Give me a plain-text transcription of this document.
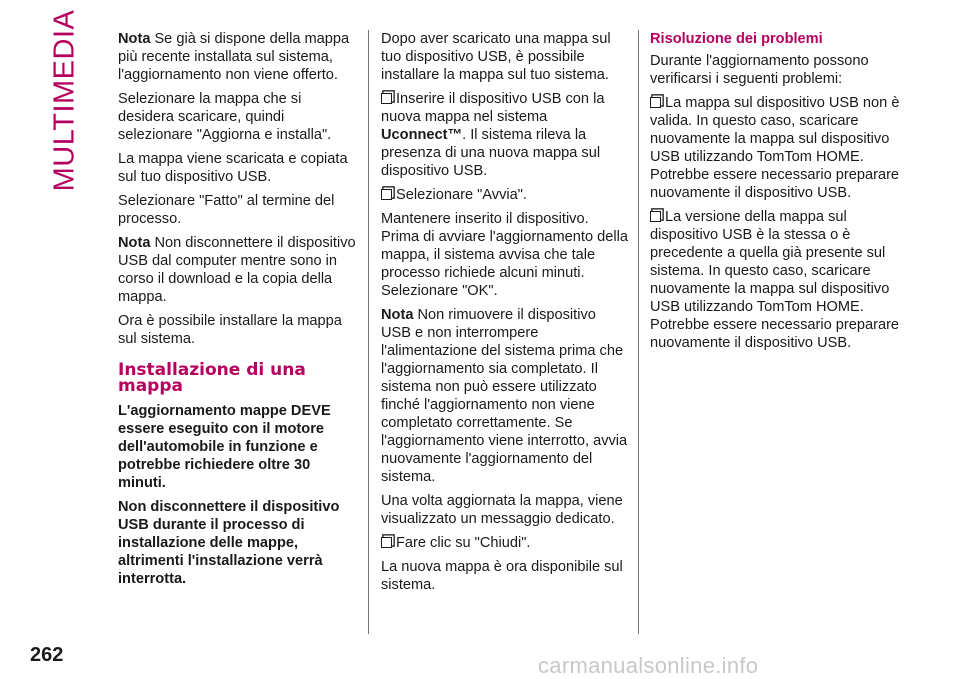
MULTIMEDIA	Nota Se già si dispone della mappa più recente installata sul sistema, l'aggiornamento non viene offerto.

Selezionare la mappa che si desidera scaricare, quindi selezionare "Aggiorna e installa".

La mappa viene scaricata e copiata sul tuo dispositivo USB.

Selezionare "Fatto" al termine del processo.

Nota Non disconnettere il dispositivo USB dal computer mentre sono in corso il download e la copia della mappa.

Ora è possibile installare la mappa sul sistema.

Installazione di una mappa

L'aggiornamento mappe DEVE essere eseguito con il motore dell'automobile in funzione e potrebbe richiedere oltre 30 minuti.

Non disconnettere il dispositivo USB durante il processo di installazione delle mappe, altrimenti l'installazione verrà interrotta.

Dopo aver scaricato una mappa sul tuo dispositivo USB, è possibile installare la mappa sul tuo sistema.

Inserire il dispositivo USB con la nuova mappa nel sistema Uconnect™. Il sistema rileva la presenza di una nuova mappa sul dispositivo USB.

Selezionare "Avvia".

Mantenere inserito il dispositivo. Prima di avviare l'aggiornamento della mappa, il sistema avvisa che tale processo richiede alcuni minuti. Selezionare "OK".

Nota Non rimuovere il dispositivo USB e non interrompere l'alimentazione del sistema prima che l'aggiornamento sia completato. Il sistema non può essere utilizzato finché l'aggiornamento non viene completato correttamente. Se l'aggiornamento viene interrotto, avvia nuovamente l'aggiornamento del sistema.

Una volta aggiornata la mappa, viene visualizzato un messaggio dedicato.

Fare clic su "Chiudi".

La nuova mappa è ora disponibile sul sistema.

Risoluzione dei problemi

Durante l'aggiornamento possono verificarsi i seguenti problemi:

La mappa sul dispositivo USB non è valida. In questo caso, scaricare nuovamente la mappa sul dispositivo USB utilizzando TomTom HOME. Potrebbe essere necessario preparare nuovamente il dispositivo USB.

La versione della mappa sul dispositivo USB è la stessa o è precedente a quella già presente sul sistema. In questo caso, scaricare nuovamente la mappa sul dispositivo USB utilizzando TomTom HOME. Potrebbe essere necessario preparare nuovamente il dispositivo USB.

262	carmanualsonline.info
